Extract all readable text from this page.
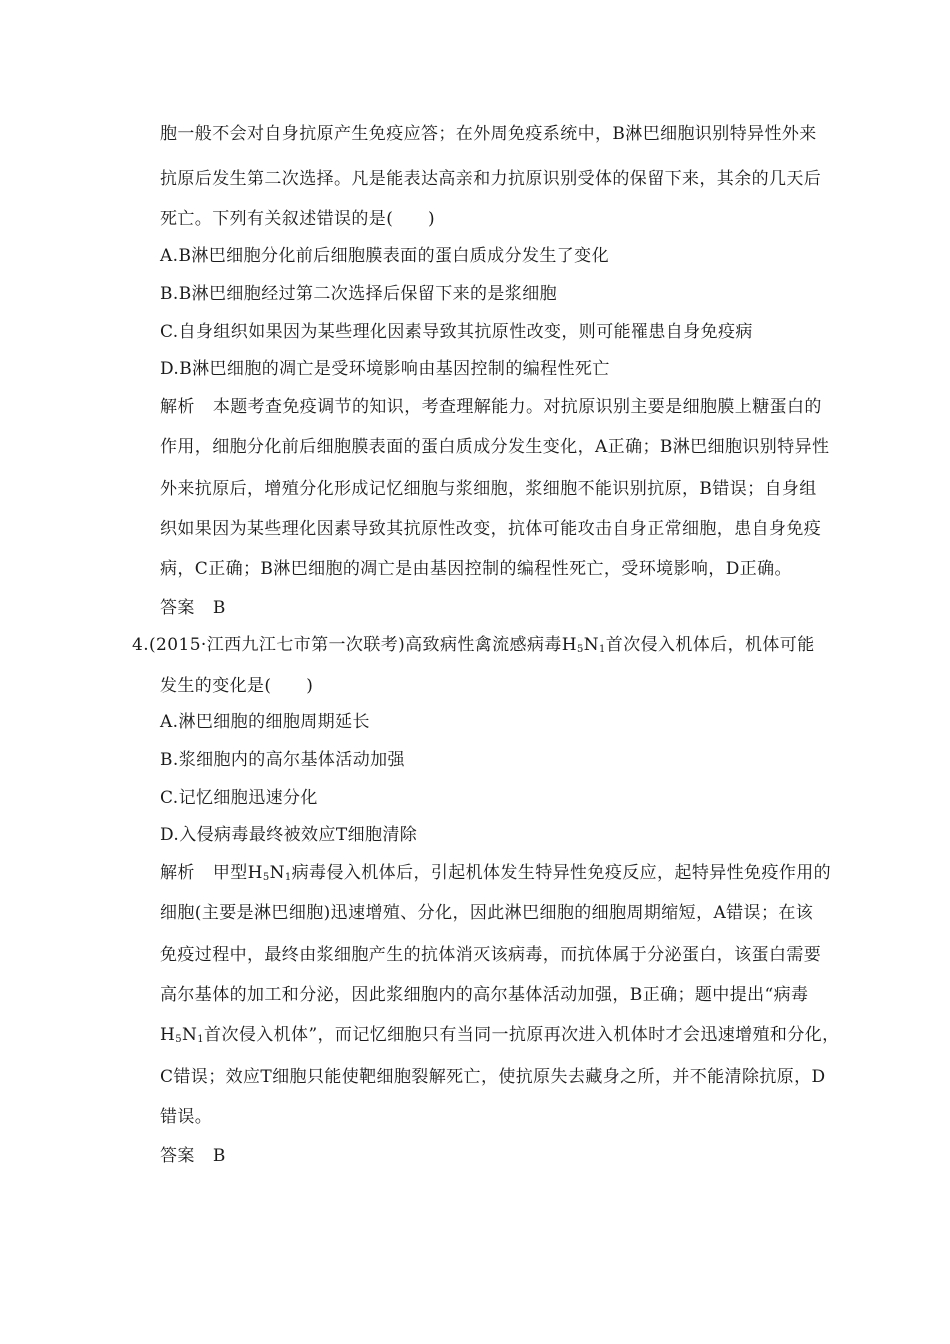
胞一般不会对自身抗原产生免疫应答；在外周免疫系统中，B淋巴细胞识别特异性外来
抗原后发生第二次选择。凡是能表达高亲和力抗原识别受体的保留下来，其余的几天后
死亡。下列有关叙述错误的是(　　)
A.B淋巴细胞分化前后细胞膜表面的蛋白质成分发生了变化
B.B淋巴细胞经过第二次选择后保留下来的是浆细胞
C.自身组织如果因为某些理化因素导致其抗原性改变，则可能罹患自身免疫病
D.B淋巴细胞的凋亡是受环境影响由基因控制的编程性死亡
解析 本题考查免疫调节的知识，考查理解能力。对抗原识别主要是细胞膜上糖蛋白的
作用，细胞分化前后细胞膜表面的蛋白质成分发生变化，A正确；B淋巴细胞识别特异性
外来抗原后，增殖分化形成记忆细胞与浆细胞，浆细胞不能识别抗原，B错误；自身组
织如果因为某些理化因素导致其抗原性改变，抗体可能攻击自身正常细胞，患自身免疫
病，C正确；B淋巴细胞的凋亡是由基因控制的编程性死亡，受环境影响，D正确。
答案 B
4.(2015·江西九江七市第一次联考)高致病性禽流感病毒$H_5N_1$首次侵入机体后，机体可能
发生的变化是(　　)
A.淋巴细胞的细胞周期延长
B.浆细胞内的高尔基体活动加强
C.记忆细胞迅速分化
D.入侵病毒最终被效应T细胞清除
解析 甲型$H_5N_1$病毒侵入机体后，引起机体发生特异性免疫反应，起特异性免疫作用的
细胞(主要是淋巴细胞)迅速增殖、分化，因此淋巴细胞的细胞周期缩短，A错误；在该
免疫过程中，最终由浆细胞产生的抗体消灭该病毒，而抗体属于分泌蛋白，该蛋白需要
高尔基体的加工和分泌，因此浆细胞内的高尔基体活动加强，B正确；题中提出“病毒
$H_5N_1$首次侵入机体”，而记忆细胞只有当同一抗原再次进入机体时才会迅速增殖和分化，
C错误；效应T细胞只能使靶细胞裂解死亡，使抗原失去藏身之所，并不能清除抗原，D
错误。
答案 B
